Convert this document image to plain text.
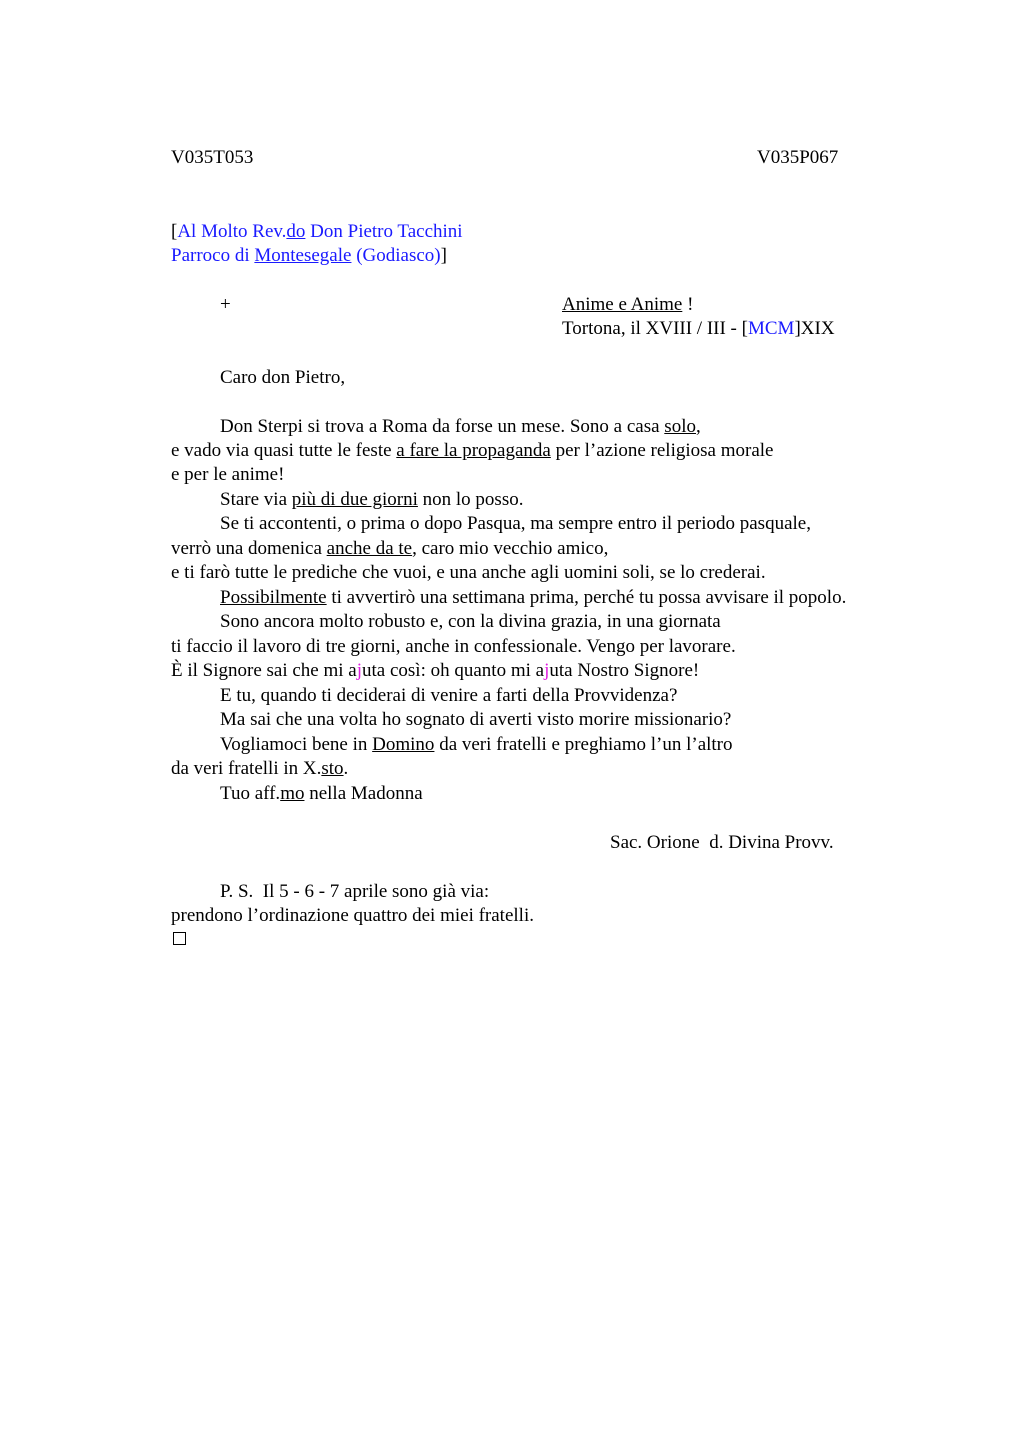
V035T053	V035P067
[Al Molto Rev.do Don Pietro Tacchini
Parroco di Montesegale (Godiasco)]
+	Anime e Anime !
Tortona, il XVIII / III - [MCM]XIX
Caro don Pietro,
Don Sterpi si trova a Roma da forse un mese. Sono a casa solo,
e vado via quasi tutte le feste a fare la propaganda per l’azione religiosa morale
e per le anime!
Stare via più di due giorni non lo posso.
Se ti accontenti, o prima o dopo Pasqua, ma sempre entro il periodo pasquale,
verrò una domenica anche da te, caro mio vecchio amico,
e ti farò tutte le prediche che vuoi, e una anche agli uomini soli, se lo crederai.
Possibilmente ti avvertirò una settimana prima, perché tu possa avvisare il popolo.
Sono ancora molto robusto e, con la divina grazia, in una giornata
ti faccio il lavoro di tre giorni, anche in confessionale. Vengo per lavorare.
È il Signore sai che mi ajuta così: oh quanto mi ajuta Nostro Signore!
E tu, quando ti deciderai di venire a farti della Provvidenza?
Ma sai che una volta ho sognato di averti visto morire missionario?
Vogliamoci bene in Domino da veri fratelli e preghiamo l’un l’altro
da veri fratelli in X.sto.
Tuo aff.mo nella Madonna
Sac. Orione  d. Divina Provv.
P. S.  Il 5 - 6 - 7 aprile sono già via:
prendono l’ordinazione quattro dei miei fratelli.
